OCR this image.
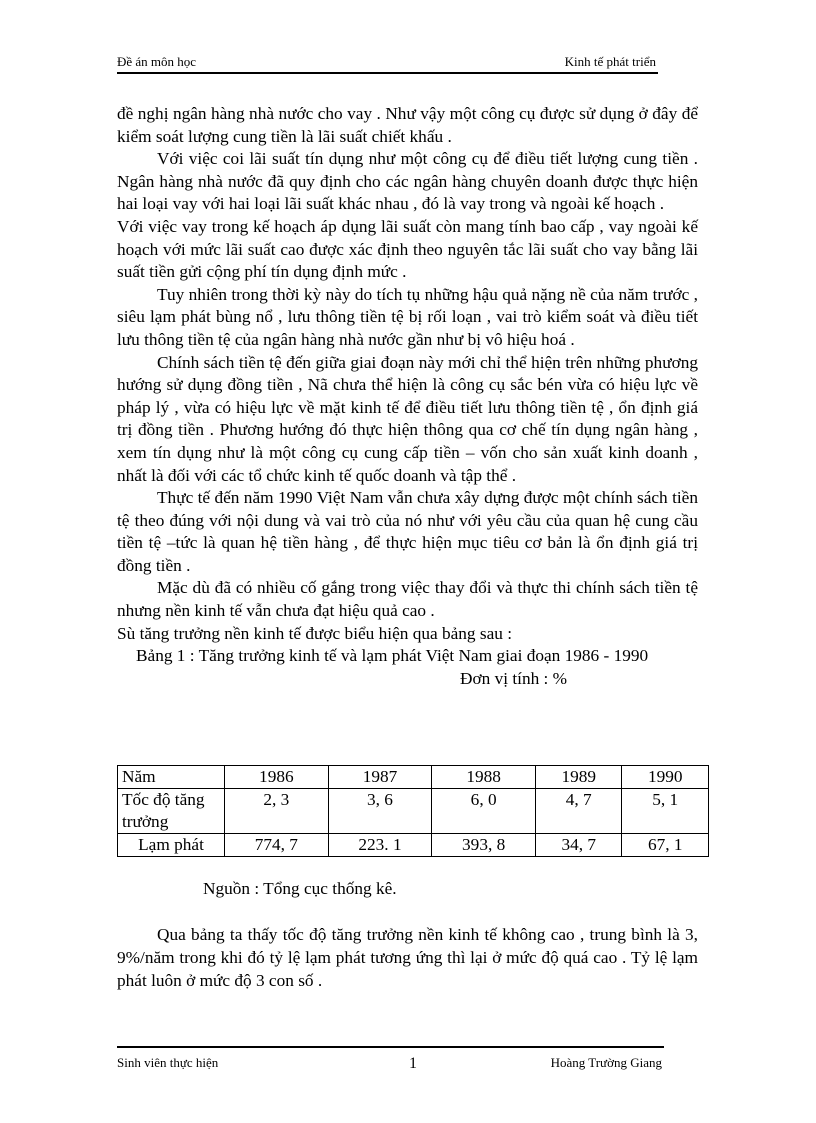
Đề án môn học	Kinh tế phát triển

đề nghị ngân hàng nhà nước cho vay . Như vậy một công cụ được sử dụng ở đây để kiểm soát lượng cung tiền là lãi suất chiết khấu .

Với việc coi lãi suất tín dụng như một công cụ để điều tiết lượng cung tiền . Ngân hàng nhà nước đã quy định cho các ngân hàng chuyên doanh được thực hiện hai loại vay với hai loại lãi suất khác nhau , đó là vay trong và ngoài kế hoạch .

Với việc vay trong kế hoạch áp dụng lãi suất còn mang tính bao cấp , vay ngoài kế hoạch với mức lãi suất cao được xác định theo nguyên tắc lãi suất cho vay bằng lãi suất tiền gửi cộng phí tín dụng định mức .

Tuy nhiên trong thời kỳ này do tích tụ những hậu quả nặng nề của năm trước , siêu lạm phát bùng nổ , lưu thông tiền tệ bị rối loạn , vai trò kiểm soát và điều tiết lưu thông tiền tệ của ngân hàng nhà nước gần như bị vô hiệu hoá .

Chính sách tiền tệ đến giữa giai đoạn này mới chỉ thể hiện trên những phương hướng sử dụng đồng tiền , Nã chưa thể hiện là công cụ sắc bén vừa có hiệu lực về pháp lý , vừa có hiệu lực về mặt kinh tế để điều tiết lưu thông tiền tệ , ổn định giá trị đồng tiền . Phương hướng đó thực hiện thông qua cơ chế tín dụng ngân hàng , xem tín dụng như là một công cụ cung cấp tiền – vốn cho sản xuất kinh doanh , nhất là đối với các tổ chức kinh tế quốc doanh và tập thể .

Thực tế đến năm 1990 Việt Nam vẫn chưa xây dựng được một chính sách tiền tệ theo đúng với nội dung và vai trò của nó như với yêu cầu của quan hệ cung cầu tiền tệ –tức là quan hệ tiền hàng , để thực hiện mục tiêu cơ bản là ổn định giá trị đồng tiền .

Mặc dù đã có nhiều cố gắng trong việc thay đổi và thực thi chính sách tiền tệ nhưng nền kinh tế vẫn chưa đạt hiệu quả cao .

Sù tăng trưởng nền kinh tế được biểu hiện qua bảng sau :

Bảng 1 : Tăng trưởng kinh tế và lạm phát Việt Nam giai đoạn 1986 - 1990

Đơn vị tính : %

Năm	1986	1987	1988	1989	1990
Tốc độ tăng trưởng	2, 3	3, 6	6, 0	4, 7	5, 1
Lạm phát	774, 7	223. 1	393, 8	34, 7	67, 1
Nguồn : Tổng cục thống kê.

Qua bảng ta thấy tốc độ tăng trưởng nền kinh tế không cao , trung bình là 3, 9%/năm trong khi đó tỷ lệ lạm phát tương ứng thì lại ở mức độ quá cao . Tỷ lệ lạm phát luôn ở mức độ 3 con số .

Sinh viên thực hiện	1	Hoàng Trường Giang
